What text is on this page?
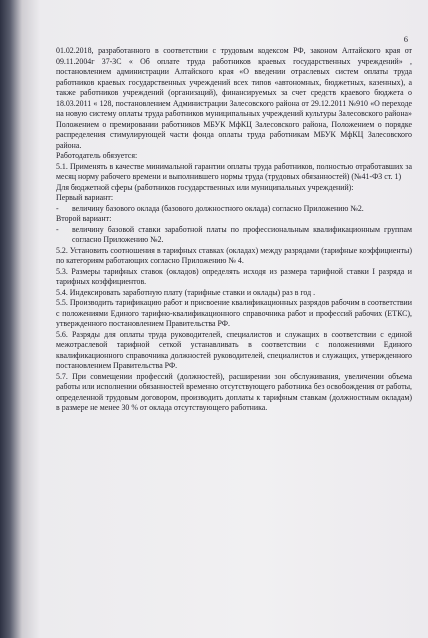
6

01.02.2018, разработанного в соответствии с трудовым кодексом РФ, законом Алтайского края от 09.11.2004г 37-ЗС « Об оплате труда работников краевых государственных учреждений» , постановлением администрации Алтайского края «О введении отраслевых систем оплаты труда работников краевых государственных учреждений всех типов «автономных, бюджетных, казенных), а также работников учреждений (организаций), финансируемых за счет средств краевого бюджета о 18.03.2011 « 128, постановлением Администрации Залесовского района от 29.12.2011 №910 «О переходе на новую систему оплаты труда работников муниципальных учреждений культуры Залесовского района» Положением о премировании работников МБУК МфКЦ Залесовского района, Положением о порядке распределения стимулирующей части фонда оплаты труда работникам МБУК МфКЦ Залесовского района.

Работодатель обязуется:

5.1. Применять в качестве минимальной гарантии оплаты труда работников, полностью отработавших за месяц норму рабочего времени и выполнившего нормы труда (трудовых обязанностей) (№41-ФЗ ст. 1)

Для бюджетной сферы (работников государственных или муниципальных учреждений):

Первый вариант:

- величину базового оклада (базового должностного оклада) согласно Приложению №2.

Второй вариант:

- величину базовой ставки заработной платы по профессиональным квалификационным группам согласно Приложению №2.

5.2. Установить соотношения в тарифных ставках (окладах) между разрядами (тарифные коэффициенты) по категориям работающих согласно Приложению № 4.

5.3. Размеры тарифных ставок (окладов) определять исходя из размера тарифной ставки I разряда и тарифных коэффициентов.

5.4. Индексировать заработную плату (тарифные ставки и оклады) раз в год .

5.5. Производить тарификацию работ и присвоение квалификационных разрядов рабочим в соответствии с положениями Единого тарифно-квалификационного справочника работ и профессий рабочих (ЕТКС), утвержденного постановлением Правительства РФ.

5.6. Разряды для оплаты труда руководителей, специалистов и служащих в соответствии с единой межотраслевой тарифной сеткой устанавливать в соответствии с положениями Единого квалификационного справочника должностей руководителей, специалистов и служащих, утвержденного постановлением Правительства РФ.

5.7. При совмещении профессий (должностей), расширении зон обслуживания, увеличении объема работы или исполнении обязанностей временно отсутствующего работника без освобождения от работы, определенной трудовым договором, производить доплаты к тарифным ставкам (должностным окладам) в размере не менее 30 % от оклада отсутствующего работника.
